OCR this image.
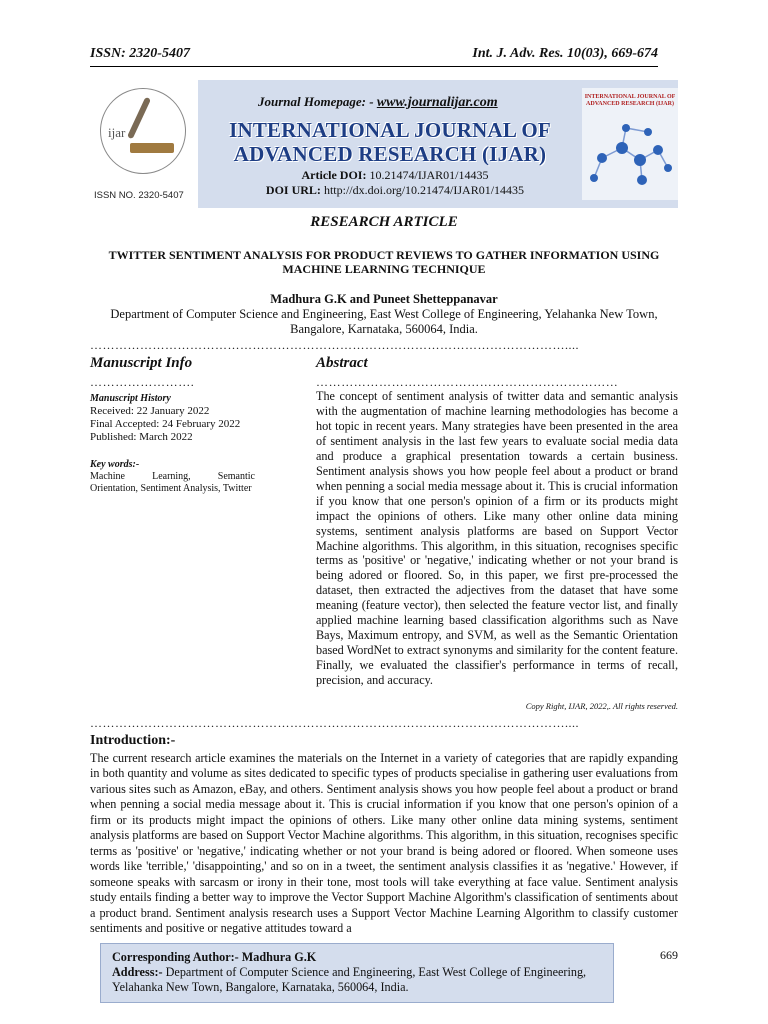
ISSN: 2320-5407	Int. J. Adv. Res. 10(03), 669-674
ijar
ISSN NO. 2320-5407
Journal Homepage: - www.journalijar.com
INTERNATIONAL JOURNAL OF
ADVANCED RESEARCH (IJAR)
Article DOI: 10.21474/IJAR01/14435
DOI URL: http://dx.doi.org/10.21474/IJAR01/14435
INTERNATIONAL JOURNAL OF ADVANCED RESEARCH (IJAR)
RESEARCH ARTICLE
TWITTER SENTIMENT ANALYSIS FOR PRODUCT REVIEWS TO GATHER INFORMATION USING MACHINE LEARNING TECHNIQUE
Madhura G.K and Puneet Shetteppanavar
Department of Computer Science and Engineering, East West College of Engineering, Yelahanka New Town, Bangalore, Karnataka, 560064, India.
……………………………………………………………………………………………………....
Manuscript Info	Abstract
…………………….	………………………………………………………………
Manuscript History
Received: 22 January 2022
Final Accepted: 24 February 2022
Published: March 2022
Key words:-
Machine Learning, Semantic Orientation, Sentiment Analysis, Twitter
The concept of sentiment analysis of twitter data and semantic analysis with the augmentation of machine learning methodologies has become a hot topic in recent years. Many strategies have been presented in the area of sentiment analysis in the last few years to evaluate social media data and produce a graphical presentation towards a certain business. Sentiment analysis shows you how people feel about a product or brand when penning a social media message about it. This is crucial information if you know that one person's opinion of a firm or its products might impact the opinions of others. Like many other online data mining systems, sentiment analysis platforms are based on Support Vector Machine algorithms. This algorithm, in this situation, recognises specific terms as 'positive' or 'negative,' indicating whether or not your brand is being adored or floored. So, in this paper, we first pre-processed the dataset, then extracted the adjectives from the dataset that have some meaning (feature vector), then selected the feature vector list, and finally applied machine learning based classification algorithms such as Nave Bays, Maximum entropy, and SVM, as well as the Semantic Orientation based WordNet to extract synonyms and similarity for the content feature. Finally, we evaluated the classifier's performance in terms of recall, precision, and accuracy.
Copy Right, IJAR, 2022,. All rights reserved.
……………………………………………………………………………………………………....
Introduction:-
The current research article examines the materials on the Internet in a variety of categories that are rapidly expanding in both quantity and volume as sites dedicated to specific types of products specialise in gathering user evaluations from various sites such as Amazon, eBay, and others. Sentiment analysis shows you how people feel about a product or brand when penning a social media message about it. This is crucial information if you know that one person's opinion of a firm or its products might impact the opinions of others. Like many other online data mining systems, sentiment analysis platforms are based on Support Vector Machine algorithms. This algorithm, in this situation, recognises specific terms as 'positive' or 'negative,' indicating whether or not your brand is being adored or floored. When someone uses words like 'terrible,' 'disappointing,' and so on in a tweet, the sentiment analysis classifies it as 'negative.' However, if someone speaks with sarcasm or irony in their tone, most tools will take everything at face value. Sentiment analysis study entails finding a better way to improve the Vector Support Machine Algorithm's classification of sentiments about a product brand. Sentiment analysis research uses a Support Vector Machine Learning Algorithm to classify customer sentiments and positive or negative attitudes toward a
Corresponding Author:- Madhura G.K
Address:- Department of Computer Science and Engineering, East West College of Engineering, Yelahanka New Town, Bangalore, Karnataka, 560064, India.
669
